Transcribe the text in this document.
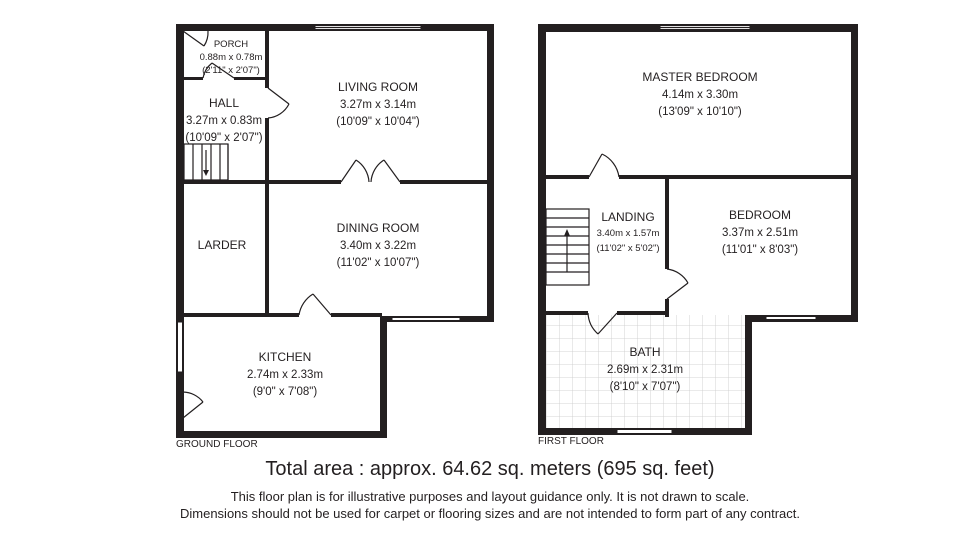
PORCH
0.88m x 0.78m
(2'11" x 2'07")
HALL
3.27m x 0.83m
(10'09" x 2'07")
LIVING ROOM
3.27m x 3.14m
(10'09" x 10'04")
DINING ROOM
3.40m x 3.22m
(11'02" x 10'07")
LARDER
KITCHEN
2.74m x 2.33m
(9'0" x 7'08")
GROUND FLOOR
MASTER BEDROOM
4.14m x 3.30m
(13'09" x 10'10")
LANDING
3.40m x 1.57m
(11'02" x 5'02")
BEDROOM
3.37m x 2.51m
(11'01" x 8'03")
BATH
2.69m x 2.31m
(8'10" x 7'07")
FIRST FLOOR
Total area : approx. 64.62 sq. meters (695 sq. feet)
This floor plan is for illustrative purposes and layout guidance only. It is not drawn to scale.
Dimensions should not be used for carpet or flooring sizes and are not intended to form part of any contract.
